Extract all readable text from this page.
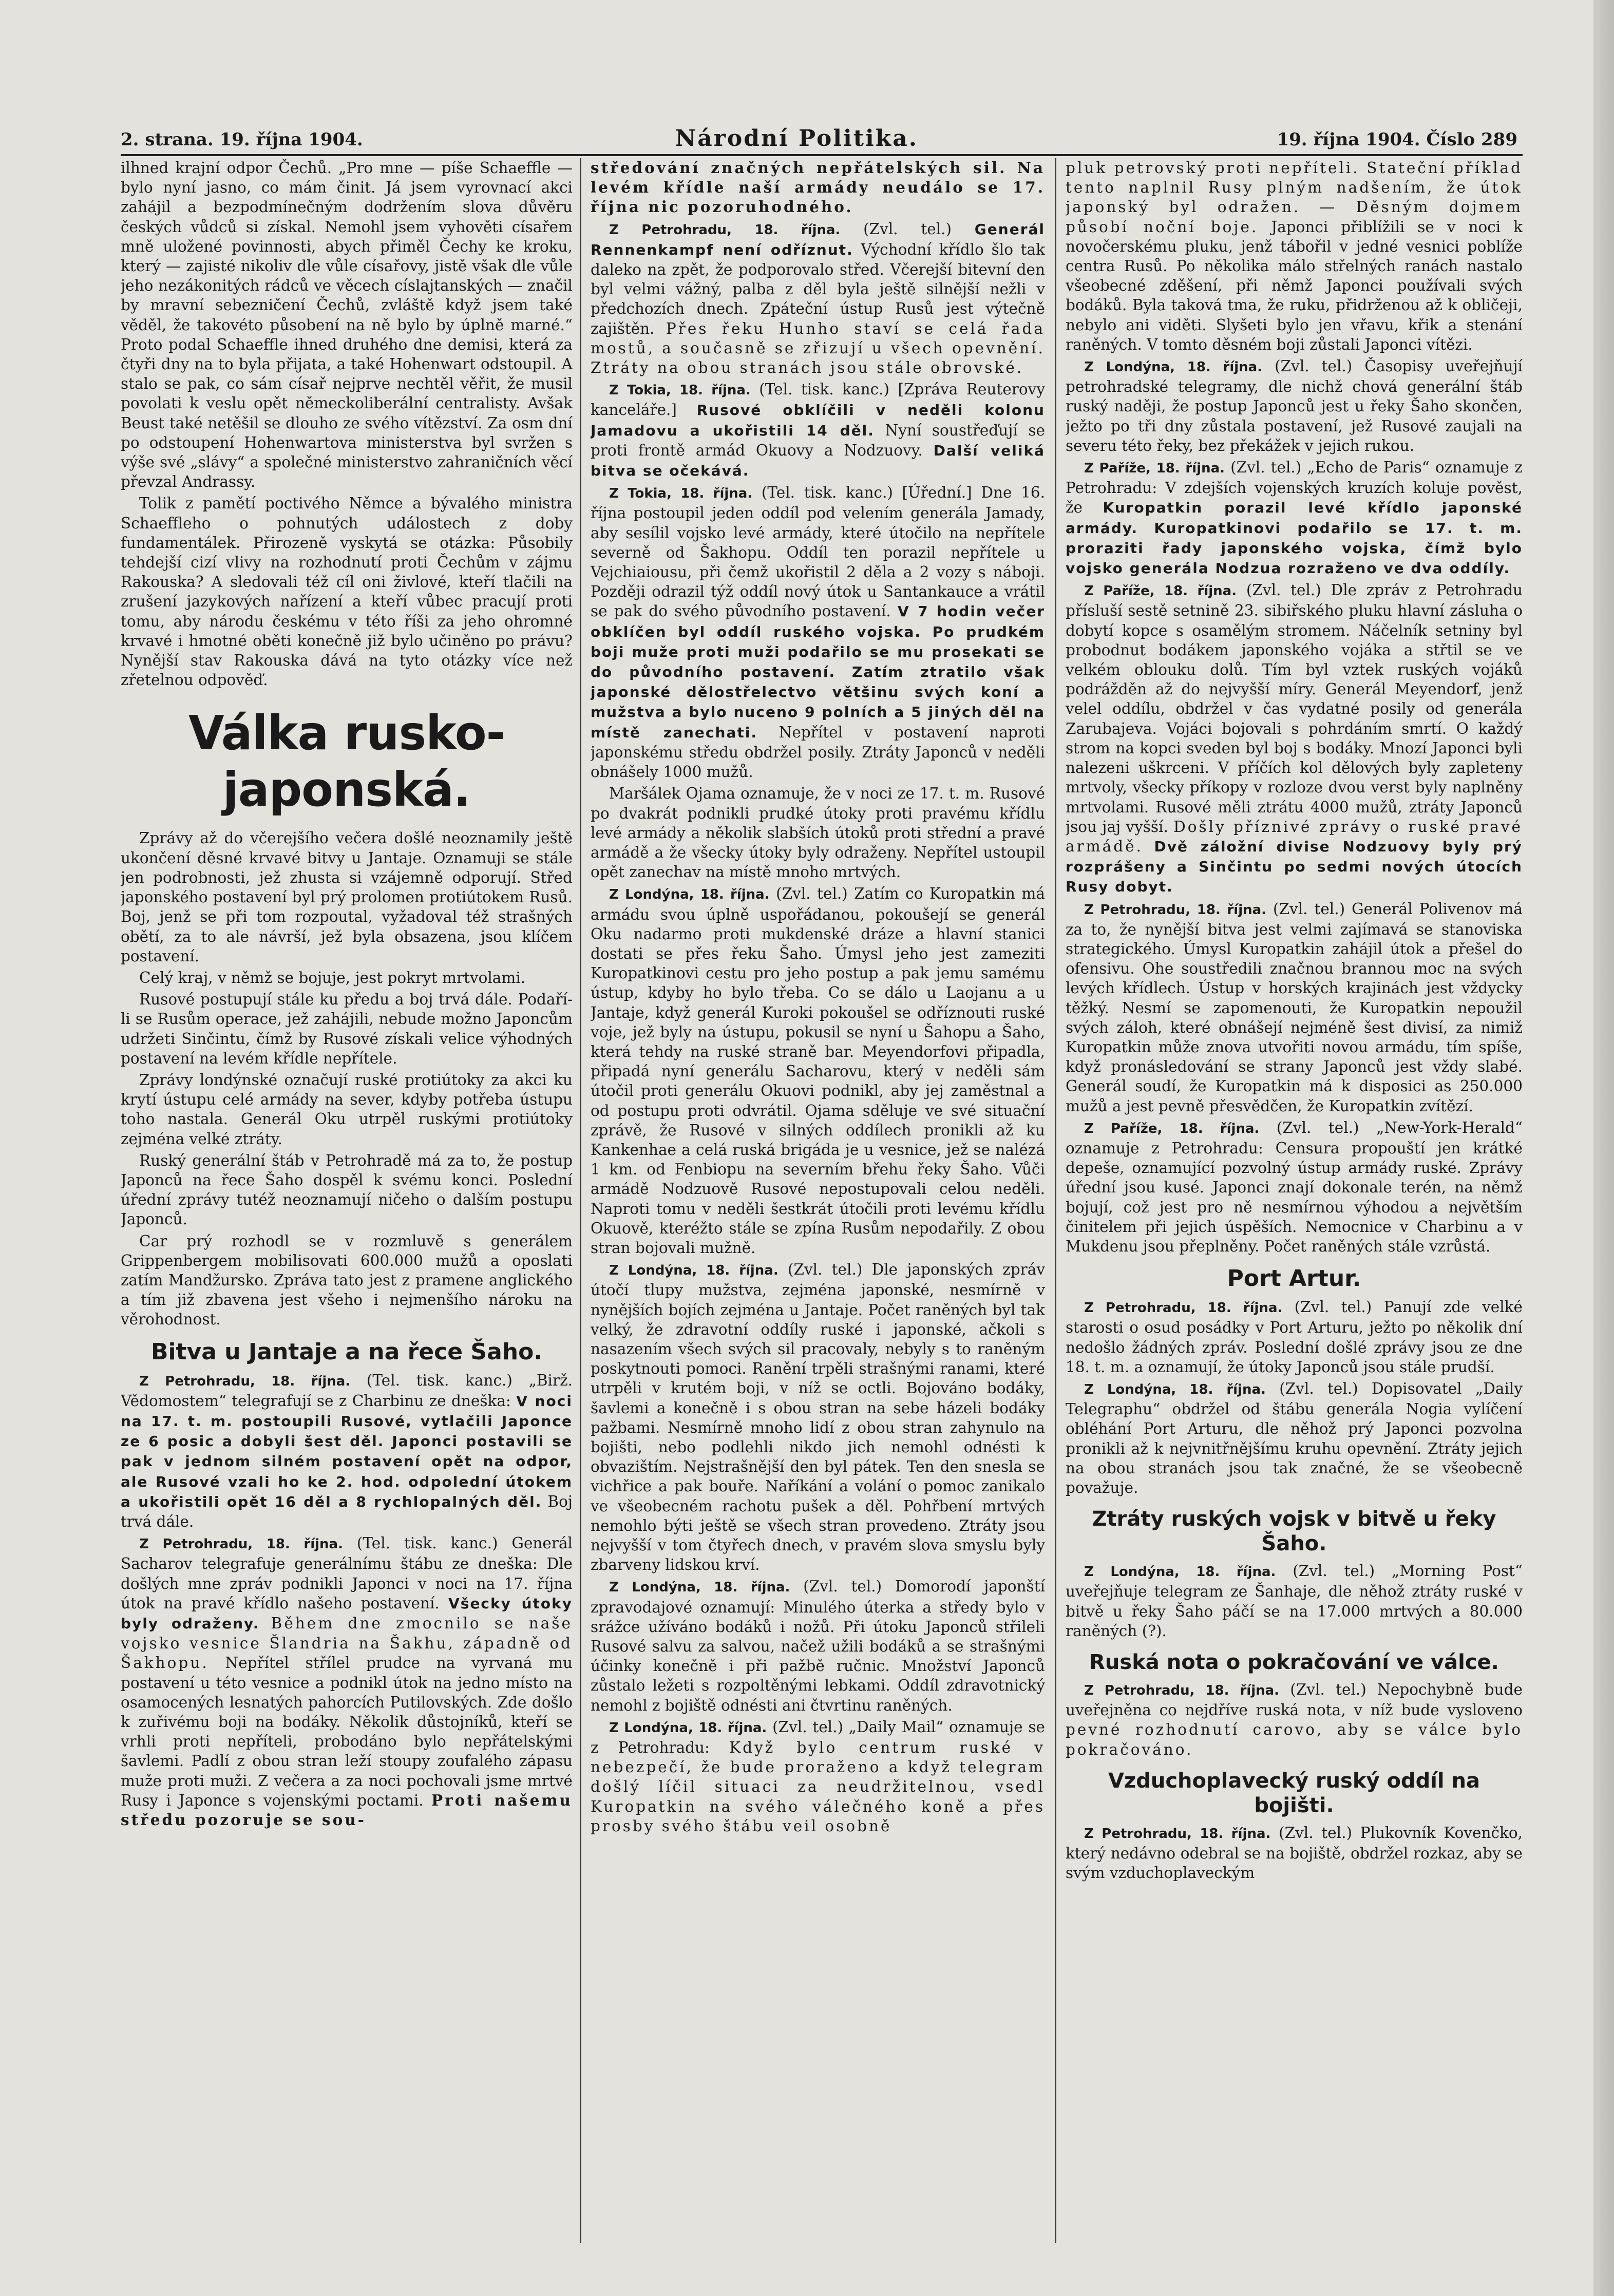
2. strana. 19. října 1904.	Národní Politika.	19. října 1904. Číslo 289

ilhned krajní odpor Čechů. „Pro mne — píše Schaeffle — bylo nyní jasno, co mám činit. Já jsem vyrovnací akci zahájil a bezpodmínečným dodržením slova důvěru českých vůdců si získal. Nemohl jsem vyhověti císařem mně uložené povinnosti, abych přiměl Čechy ke kroku, který — zajisté nikoliv dle vůle císařovy, jistě však dle vůle jeho nezákonitých rádců ve věcech císlajtanských — značil by mravní sebezničení Čechů, zvláště když jsem také věděl, že takovéto působení na ně bylo by úplně marné.“ Proto podal Schaeffle ihned druhého dne demisi, která za čtyři dny na to byla přijata, a také Hohenwart odstoupil. A stalo se pak, co sám císař nejprve nechtěl věřit, že musil povolati k veslu opět německoliberální centralisty. Avšak Beust také netěšil se dlouho ze svého vítězství. Za osm dní po odstoupení Hohenwartova ministerstva byl svržen s výše své „slávy“ a společné ministerstvo zahraničních věcí převzal Andrassy.

Tolik z pamětí poctivého Němce a bývalého ministra Schaeffleho o pohnutých událostech z doby fundamentálek. Přirozeně vyskytá se otázka: Působily tehdejší cizí vlivy na rozhodnutí proti Čechům v zájmu Rakouska? A sledovali též cíl oni živlové, kteří tlačili na zrušení jazykových nařízení a kteří vůbec pracují proti tomu, aby národu českému v této říši za jeho ohromné krvavé i hmotné oběti konečně již bylo učiněno po právu? Nynější stav Rakouska dává na tyto otázky více než zřetelnou odpověď.

Válka rusko-japonská.

Zprávy až do včerejšího večera došlé neoznamily ještě ukončení děsné krvavé bitvy u Jantaje. Oznamuji se stále jen podrobnosti, jež zhusta si vzájemně odporují. Střed japonského postavení byl prý prolomen protiútokem Rusů. Boj, jenž se při tom rozpoutal, vyžadoval též strašných obětí, za to ale návrší, jež byla obsazena, jsou klíčem postavení.

Celý kraj, v němž se bojuje, jest pokryt mrtvolami.

Rusové postupují stále ku předu a boj trvá dále. Podaří-li se Rusům operace, jež zahájili, nebude možno Japoncům udržeti Sinčintu, čímž by Rusové získali velice výhodných postavení na levém křídle nepřítele.

Zprávy londýnské označují ruské protiútoky za akci ku krytí ústupu celé armády na sever, kdyby potřeba ústupu toho nastala. Generál Oku utrpěl ruskými protiútoky zejména velké ztráty.

Ruský generální štáb v Petrohradě má za to, že postup Japonců na řece Šaho dospěl k svému konci. Poslední úřední zprávy tutéž neoznamují ničeho o dalším postupu Japonců.

Car prý rozhodl se v rozmluvě s generálem Grippenbergem mobilisovati 600.000 mužů a oposlati zatím Mandžursko. Zpráva tato jest z pramene anglického a tím již zbavena jest všeho i nejmenšího nároku na věrohodnost.

Bitva u Jantaje a na řece Šaho.

Z Petrohradu, 18. října. (Tel. tisk. kanc.) „Birž. Vědomostem“ telegrafují se z Charbinu ze dneška: V noci na 17. t. m. postoupili Rusové, vytlačili Japonce ze 6 posic a dobyli šest děl. Japonci postavili se pak v jednom silném postavení opět na odpor, ale Rusové vzali ho ke 2. hod. odpolední útokem a ukořistili opět 16 děl a 8 rychlopalných děl. Boj trvá dále.

Z Petrohradu, 18. října. (Tel. tisk. kanc.) Generál Sacharov telegrafuje generálnímu štábu ze dneška: Dle došlých mne zpráv podnikli Japonci v noci na 17. října útok na pravé křídlo našeho postavení. Všecky útoky byly odraženy. Během dne zmocnilo se naše vojsko vesnice Šlandria na Šakhu, západně od Šakhopu. Nepřítel střílel prudce na vyrvaná mu postavení u této vesnice a podnikl útok na jedno místo na osamocených lesnatých pahorcích Putilovských. Zde došlo k zuřivému boji na bodáky. Několik důstojníků, kteří se vrhli proti nepříteli, probodáno bylo nepřátelskými šavlemi. Padlí z obou stran leží stoupy zoufalého zápasu muže proti muži. Z večera a za noci pochovali jsme mrtvé Rusy i Japonce s vojenskými poctami. Proti našemu středu pozoruje se sou-

středování značných nepřátelských sil. Na levém křídle naší armády neudálo se 17. října nic pozoruhodného.

Z Petrohradu, 18. října. (Zvl. tel.) Generál Rennenkampf není odříznut. Východní křídlo šlo tak daleko na zpět, že podporovalo střed. Včerejší bitevní den byl velmi vážný, palba z děl byla ještě silnější nežli v předchozích dnech. Zpáteční ústup Rusů jest výtečně zajištěn. Přes řeku Hunho staví se celá řada mostů, a současně se zřizují u všech opevnění. Ztráty na obou stranách jsou stále obrovské.

Z Tokia, 18. října. (Tel. tisk. kanc.) [Zpráva Reuterovy kanceláře.] Rusové obklíčili v neděli kolonu Jamadovu a ukořistili 14 děl. Nyní soustřeďují se proti frontě armád Okuovy a Nodzuovy. Další veliká bitva se očekává.

Z Tokia, 18. října. (Tel. tisk. kanc.) [Úřední.] Dne 16. října postoupil jeden oddíl pod velením generála Jamady, aby sesílil vojsko levé armády, které útočilo na nepřítele severně od Šakhopu. Oddíl ten porazil nepřítele u Vejchiaiousu, při čemž ukořistil 2 děla a 2 vozy s náboji. Později odrazil týž oddíl nový útok u Santankauce a vrátil se pak do svého původního postavení. V 7 hodin večer obklíčen byl oddíl ruského vojska. Po prudkém boji muže proti muži podařilo se mu prosekati se do původního postavení. Zatím ztratilo však japonské dělostřelectvo většinu svých koní a mužstva a bylo nuceno 9 polních a 5 jiných děl na místě zanechati. Nepřítel v postavení naproti japonskému středu obdržel posily. Ztráty Japonců v neděli obnášely 1000 mužů.

Maršálek Ojama oznamuje, že v noci ze 17. t. m. Rusové po dvakrát podnikli prudké útoky proti pravému křídlu levé armády a několik slabších útoků proti střední a pravé armádě a že všecky útoky byly odraženy. Nepřítel ustoupil opět zanechav na místě mnoho mrtvých.

Z Londýna, 18. října. (Zvl. tel.) Zatím co Kuropatkin má armádu svou úplně uspořádanou, pokoušejí se generál Oku nadarmo proti mukdenské dráze a hlavní stanici dostati se přes řeku Šaho. Úmysl jeho jest zameziti Kuropatkinovi cestu pro jeho postup a pak jemu samému ústup, kdyby ho bylo třeba. Co se dálo u Laojanu a u Jantaje, když generál Kuroki pokoušel se odříznouti ruské voje, jež byly na ústupu, pokusil se nyní u Šahopu a Šaho, která tehdy na ruské straně bar. Meyendorfovi připadla, připadá nyní generálu Sacharovu, který v neděli sám útočil proti generálu Okuovi podnikl, aby jej zaměstnal a od postupu proti odvrátil. Ojama sděluje ve své situační zprávě, že Rusové v silných oddílech pronikli až ku Kankenhae a celá ruská brigáda je u vesnice, jež se nalézá 1 km. od Fenbiopu na severním břehu řeky Šaho. Vůči armádě Nodzuově Rusové nepostupovali celou neděli. Naproti tomu v neděli šestkrát útočili proti levému křídlu Okuově, kteréžto stále se zpína Rusům nepodařily. Z obou stran bojovali mužně.

Z Londýna, 18. října. (Zvl. tel.) Dle japonských zpráv útočí tlupy mužstva, zejména japonské, nesmírně v nynějších bojích zejména u Jantaje. Počet raněných byl tak velký, že zdravotní oddíly ruské i japonské, ačkoli s nasazením všech svých sil pracovaly, nebyly s to raněným poskytnouti pomoci. Ranění trpěli strašnými ranami, které utrpěli v krutém boji, v níž se octli. Bojováno bodáky, šavlemi a konečně i s obou stran na sebe házeli bodáky pažbami. Nesmírně mnoho lidí z obou stran zahynulo na bojišti, nebo podlehli nikdo jich nemohl odnésti k obvazištím. Nejstrašnější den byl pátek. Ten den snesla se vichřice a pak bouře. Naříkání a volání o pomoc zanikalo ve všeobecném rachotu pušek a děl. Pohřbení mrtvých nemohlo býti ještě se všech stran provedeno. Ztráty jsou nejvyšší v tom čtyřech dnech, v pravém slova smyslu byly zbarveny lidskou krví.

Z Londýna, 18. října. (Zvl. tel.) Domorodí japonští zpravodajové oznamují: Minulého úterka a středy bylo v srážce užíváno bodáků i nožů. Při útoku Japonců střileli Rusové salvu za salvou, načež užili bodáků a se strašnými účinky konečně i při pažbě ručnic. Množství Japonců zůstalo ležeti s rozpoltěnými lebkami. Oddíl zdravotnický nemohl z bojiště odnésti ani čtvrtinu raněných.

Z Londýna, 18. října. (Zvl. tel.) „Daily Mail“ oznamuje se z Petrohradu: Když bylo centrum ruské v nebezpečí, že bude proraženo a když telegram došlý líčil situaci za neudržitelnou, vsedl Kuropatkin na svého válečného koně a přes prosby svého štábu veil osobně

pluk petrovský proti nepříteli. Stateční příklad tento naplnil Rusy plným nadšením, že útok japonský byl odražen. — Děsným dojmem působí noční boje. Japonci přiblížili se v noci k novočerskému pluku, jenž tábořil v jedné vesnici poblíže centra Rusů. Po několika málo střelných ranách nastalo všeobecné zděšení, při němž Japonci používali svých bodáků. Byla taková tma, že ruku, přidrženou až k obličeji, nebylo ani viděti. Slyšeti bylo jen vřavu, křik a stenání raněných. V tomto děsném boji zůstali Japonci vítězi.

Z Londýna, 18. října. (Zvl. tel.) Časopisy uveřejňují petrohradské telegramy, dle nichž chová generální štáb ruský naději, že postup Japonců jest u řeky Šaho skončen, ježto po tři dny zůstala postavení, jež Rusové zaujali na severu této řeky, bez překážek v jejich rukou.

Z Paříže, 18. října. (Zvl. tel.) „Echo de Paris“ oznamuje z Petrohradu: V zdejších vojenských kruzích koluje pověst, že Kuropatkin porazil levé křídlo japonské armády. Kuropatkinovi podařilo se 17. t. m. proraziti řady japonského vojska, čímž bylo vojsko generála Nodzua rozraženo ve dva oddíly.

Z Paříže, 18. října. (Zvl. tel.) Dle zpráv z Petrohradu přísluší sestě setnině 23. sibiřského pluku hlavní zásluha o dobytí kopce s osamělým stromem. Náčelník setniny byl probodnut bodákem japonského vojáka a střtil se ve velkém oblouku dolů. Tím byl vztek ruských vojáků podrážděn až do nejvyšší míry. Generál Meyendorf, jenž velel oddílu, obdržel v čas vydatné posily od generála Zarubajeva. Vojáci bojovali s pohrdáním smrtí. O každý strom na kopci sveden byl boj s bodáky. Mnozí Japonci byli nalezeni uškrceni. V příčích kol dělových byly zapleteny mrtvoly, všecky příkopy v rozloze dvou verst byly naplněny mrtvolami. Rusové měli ztrátu 4000 mužů, ztráty Japonců jsou jaj vyšší. Došly příznivé zprávy o ruské pravé armádě. Dvě záložní divise Nodzuovy byly prý rozprášeny a Sinčintu po sedmi nových útocích Rusy dobyt.

Z Petrohradu, 18. října. (Zvl. tel.) Generál Polivenov má za to, že nynější bitva jest velmi zajímavá se stanoviska strategického. Úmysl Kuropatkin zahájil útok a přešel do ofensivu. Ohe soustředili značnou brannou moc na svých levých křídlech. Ústup v horských krajinách jest vždycky těžký. Nesmí se zapomenouti, že Kuropatkin nepoužil svých záloh, které obnášejí nejméně šest divisí, za nimiž Kuropatkin může znova utvořiti novou armádu, tím spíše, když pronásledování se strany Japonců jest vždy slabé. Generál soudí, že Kuropatkin má k disposici as 250.000 mužů a jest pevně přesvědčen, že Kuropatkin zvítězí.

Z Paříže, 18. října. (Zvl. tel.) „New-York-Herald“ oznamuje z Petrohradu: Censura propouští jen krátké depeše, oznamující pozvolný ústup armády ruské. Zprávy úřední jsou kusé. Japonci znají dokonale terén, na němž bojují, což jest pro ně nesmírnou výhodou a největším činitelem při jejich úspěších. Nemocnice v Charbinu a v Mukdenu jsou přeplněny. Počet raněných stále vzrůstá.

Port Artur.

Z Petrohradu, 18. října. (Zvl. tel.) Panují zde velké starosti o osud posádky v Port Arturu, ježto po několik dní nedošlo žádných zpráv. Poslední došlé zprávy jsou ze dne 18. t. m. a oznamují, že útoky Japonců jsou stále prudší.

Z Londýna, 18. října. (Zvl. tel.) Dopisovatel „Daily Telegraphu“ obdržel od štábu generála Nogia vylíčení obléhání Port Arturu, dle něhož prý Japonci pozvolna pronikli až k nejvnitřnějšímu kruhu opevnění. Ztráty jejich na obou stranách jsou tak značné, že se všeobecně považuje.

Ztráty ruských vojsk v bitvě u řeky Šaho.

Z Londýna, 18. října. (Zvl. tel.) „Morning Post“ uveřejňuje telegram ze Šanhaje, dle něhož ztráty ruské v bitvě u řeky Šaho páčí se na 17.000 mrtvých a 80.000 raněných (?).

Ruská nota o pokračování ve válce.

Z Petrohradu, 18. října. (Zvl. tel.) Nepochybně bude uveřejněna co nejdříve ruská nota, v níž bude vysloveno pevné rozhodnutí carovo, aby se válce bylo pokračováno.

Vzduchoplavecký ruský oddíl na bojišti.

Z Petrohradu, 18. října. (Zvl. tel.) Plukovník Kovenčko, který nedávno odebral se na bojiště, obdržel rozkaz, aby se svým vzduchoplaveckým
